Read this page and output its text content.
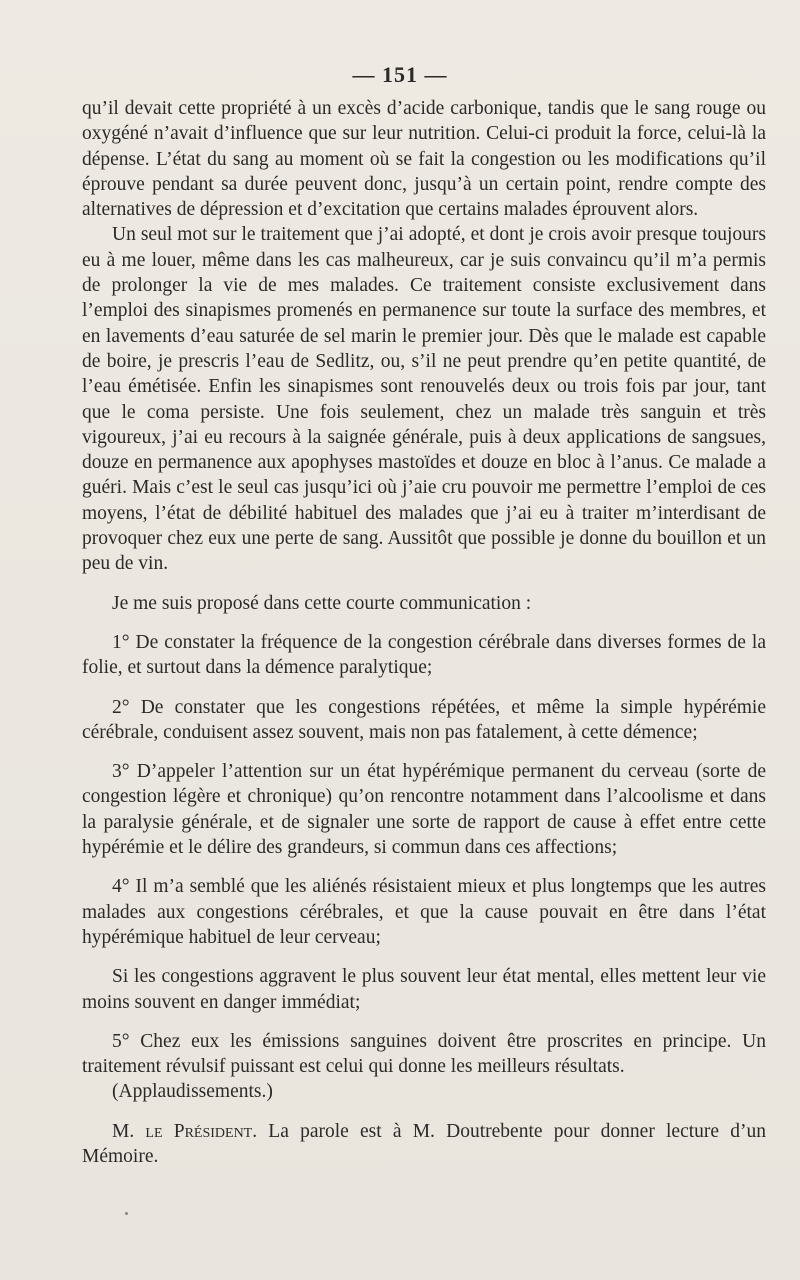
— 151 —

qu’il devait cette propriété à un excès d’acide carbonique, tandis que le sang rouge ou oxygéné n’avait d’influence que sur leur nutrition. Celui-ci produit la force, celui-là la dépense. L’état du sang au moment où se fait la congestion ou les modifications qu’il éprouve pendant sa durée peuvent donc, jusqu’à un certain point, rendre compte des alternatives de dépression et d’excitation que certains malades éprouvent alors.

Un seul mot sur le traitement que j’ai adopté, et dont je crois avoir presque toujours eu à me louer, même dans les cas malheureux, car je suis convaincu qu’il m’a permis de prolonger la vie de mes malades. Ce traitement consiste exclusivement dans l’emploi des sinapismes promenés en permanence sur toute la surface des membres, et en lavements d’eau saturée de sel marin le premier jour. Dès que le malade est capable de boire, je prescris l’eau de Sedlitz, ou, s’il ne peut prendre qu’en petite quantité, de l’eau émétisée. Enfin les sinapismes sont renouvelés deux ou trois fois par jour, tant que le coma persiste. Une fois seulement, chez un malade très sanguin et très vigoureux, j’ai eu recours à la saignée générale, puis à deux applications de sangsues, douze en permanence aux apophyses mastoïdes et douze en bloc à l’anus. Ce malade a guéri. Mais c’est le seul cas jusqu’ici où j’aie cru pouvoir me permettre l’emploi de ces moyens, l’état de débilité habituel des malades que j’ai eu à traiter m’interdisant de provoquer chez eux une perte de sang. Aussitôt que possible je donne du bouillon et un peu de vin.

Je me suis proposé dans cette courte communication :

1° De constater la fréquence de la congestion cérébrale dans diverses formes de la folie, et surtout dans la démence paralytique;

2° De constater que les congestions répétées, et même la simple hypérémie cérébrale, conduisent assez souvent, mais non pas fatalement, à cette démence;

3° D’appeler l’attention sur un état hypérémique permanent du cerveau (sorte de congestion légère et chronique) qu’on rencontre notamment dans l’alcoolisme et dans la paralysie générale, et de signaler une sorte de rapport de cause à effet entre cette hypérémie et le délire des grandeurs, si commun dans ces affections;

4° Il m’a semblé que les aliénés résistaient mieux et plus longtemps que les autres malades aux congestions cérébrales, et que la cause pouvait en être dans l’état hypérémique habituel de leur cerveau;

Si les congestions aggravent le plus souvent leur état mental, elles mettent leur vie moins souvent en danger immédiat;

5° Chez eux les émissions sanguines doivent être proscrites en principe. Un traitement révulsif puissant est celui qui donne les meilleurs résultats.

(Applaudissements.)

M. le Président. La parole est à M. Doutrebente pour donner lecture d’un Mémoire.
